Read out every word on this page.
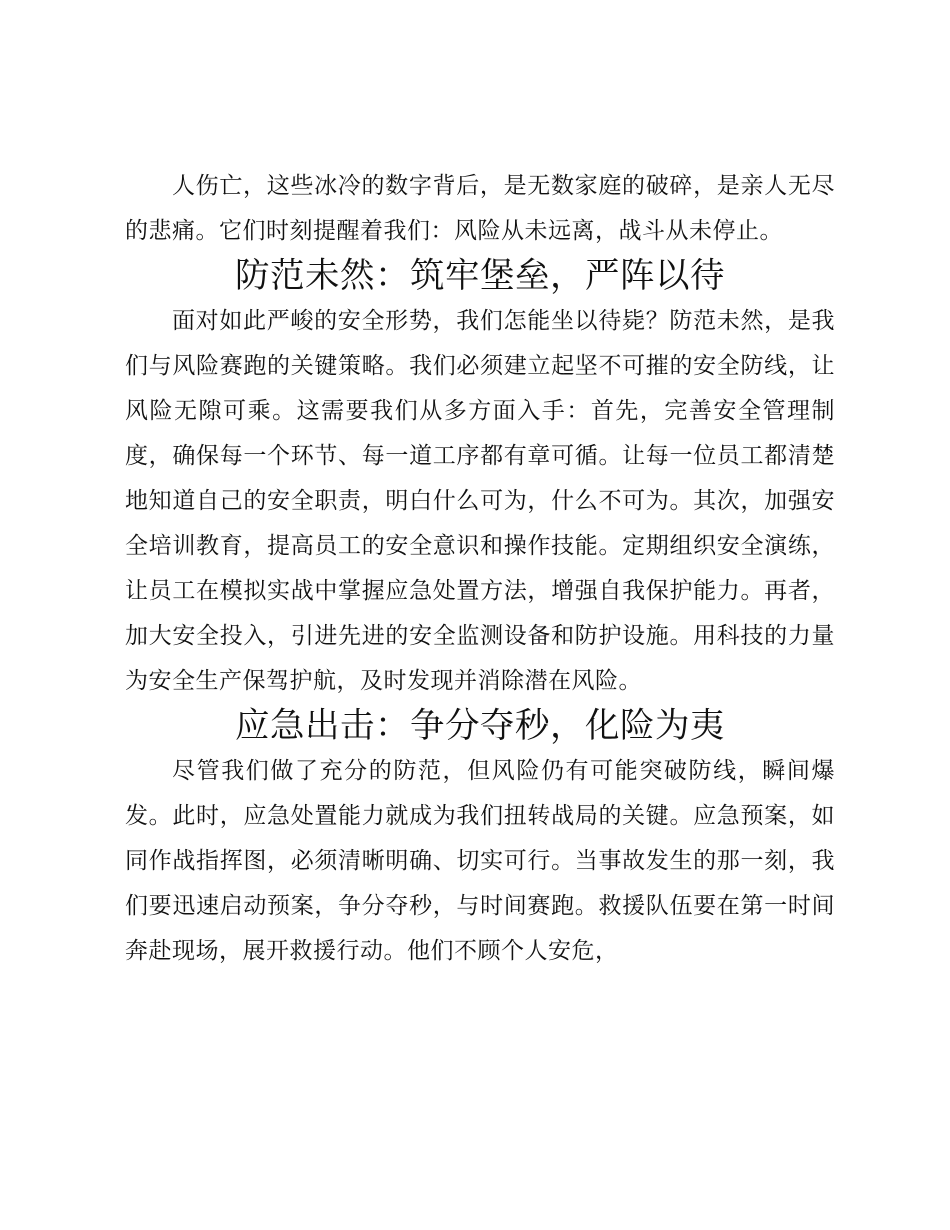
人伤亡，这些冰冷的数字背后，是无数家庭的破碎，是亲人无尽的悲痛。它们时刻提醒着我们：风险从未远离，战斗从未停止。

防范未然：筑牢堡垒，严阵以待

面对如此严峻的安全形势，我们怎能坐以待毙？防范未然，是我们与风险赛跑的关键策略。我们必须建立起坚不可摧的安全防线，让风险无隙可乘。这需要我们从多方面入手：首先，完善安全管理制度，确保每一个环节、每一道工序都有章可循。让每一位员工都清楚地知道自己的安全职责，明白什么可为，什么不可为。其次，加强安全培训教育，提高员工的安全意识和操作技能。定期组织安全演练，让员工在模拟实战中掌握应急处置方法，增强自我保护能力。再者，加大安全投入，引进先进的安全监测设备和防护设施。用科技的力量为安全生产保驾护航，及时发现并消除潜在风险。

应急出击：争分夺秒，化险为夷

尽管我们做了充分的防范，但风险仍有可能突破防线，瞬间爆发。此时，应急处置能力就成为我们扭转战局的关键。应急预案，如同作战指挥图，必须清晰明确、切实可行。当事故发生的那一刻，我们要迅速启动预案，争分夺秒，与时间赛跑。救援队伍要在第一时间奔赴现场，展开救援行动。他们不顾个人安危，
